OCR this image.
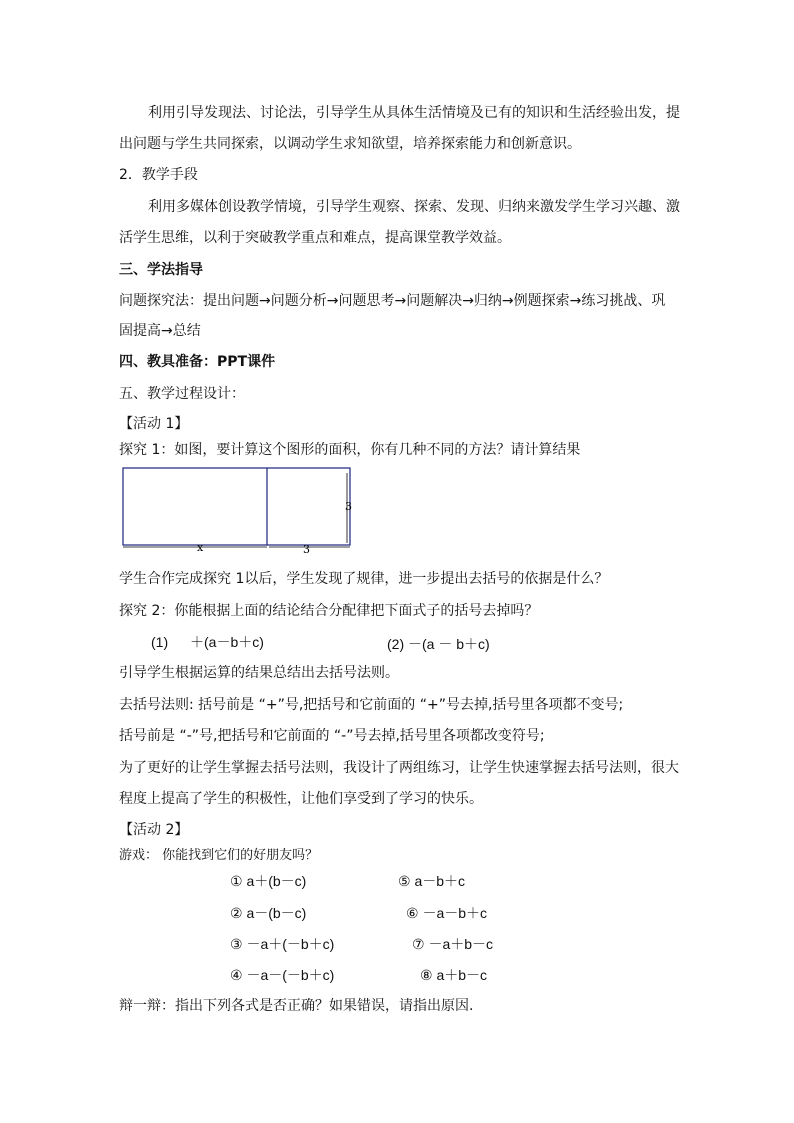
利用引导发现法、讨论法，引导学生从具体生活情境及已有的知识和生活经验出发，提
出问题与学生共同探索，以调动学生求知欲望，培养探索能力和创新意识。
2．教学手段
利用多媒体创设教学情境，引导学生观察、探索、发现、归纳来激发学生学习兴趣、激
活学生思维，以利于突破教学重点和难点，提高课堂教学效益。
三、学法指导
问题探究法：提出问题→问题分析→问题思考→问题解决→归纳→例题探索→练习挑战、巩
固提高→总结
四、教具准备：PPT课件
五、教学过程设计：
【活动 1】
探究 1：如图，要计算这个图形的面积，你有几种不同的方法？请计算结果
3
x	3
学生合作完成探究 1以后，学生发现了规律，进一步提出去括号的依据是什么？
探究 2：你能根据上面的结论结合分配律把下面式子的括号去掉吗？
(1) ＋(a－b＋c)	(2) －(a － b＋c)
引导学生根据运算的结果总结出去括号法则。
去括号法则: 括号前是 “+”号,把括号和它前面的 “+”号去掉,括号里各项都不变号;
括号前是 “-”号,把括号和它前面的 “-”号去掉,括号里各项都改变符号;
为了更好的让学生掌握去括号法则，我设计了两组练习，让学生快速掌握去括号法则，很大
程度上提高了学生的积极性，让他们享受到了学习的快乐。
【活动 2】
游戏： 你能找到它们的好朋友吗？
① a＋(b－c)
② a－(b－c)
③ －a＋(－b＋c)
④ －a－(－b＋c)
⑤ a－b＋c
⑥ －a－b＋c
⑦ －a＋b－c
⑧ a＋b－c
辩一辩：指出下列各式是否正确？如果错误，请指出原因.
